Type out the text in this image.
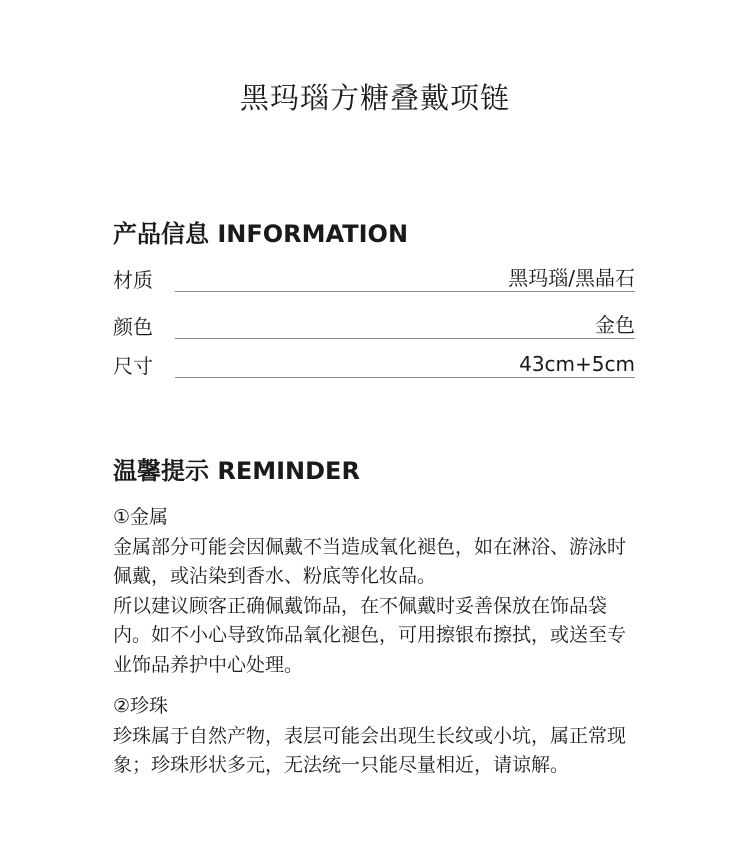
黑玛瑙方糖叠戴项链
产品信息 INFORMATION
材质	黑玛瑙/黑晶石
颜色	金色
尺寸	43cm+5cm
温馨提示 REMINDER

①金属

金属部分可能会因佩戴不当造成氧化褪色，如在淋浴、游泳时佩戴，或沾染到香水、粉底等化妆品。

所以建议顾客正确佩戴饰品，在不佩戴时妥善保放在饰品袋内。如不小心导致饰品氧化褪色，可用擦银布擦拭，或送至专业饰品养护中心处理。

②珍珠

珍珠属于自然产物，表层可能会出现生长纹或小坑，属正常现象；珍珠形状多元，无法统一只能尽量相近，请谅解。
